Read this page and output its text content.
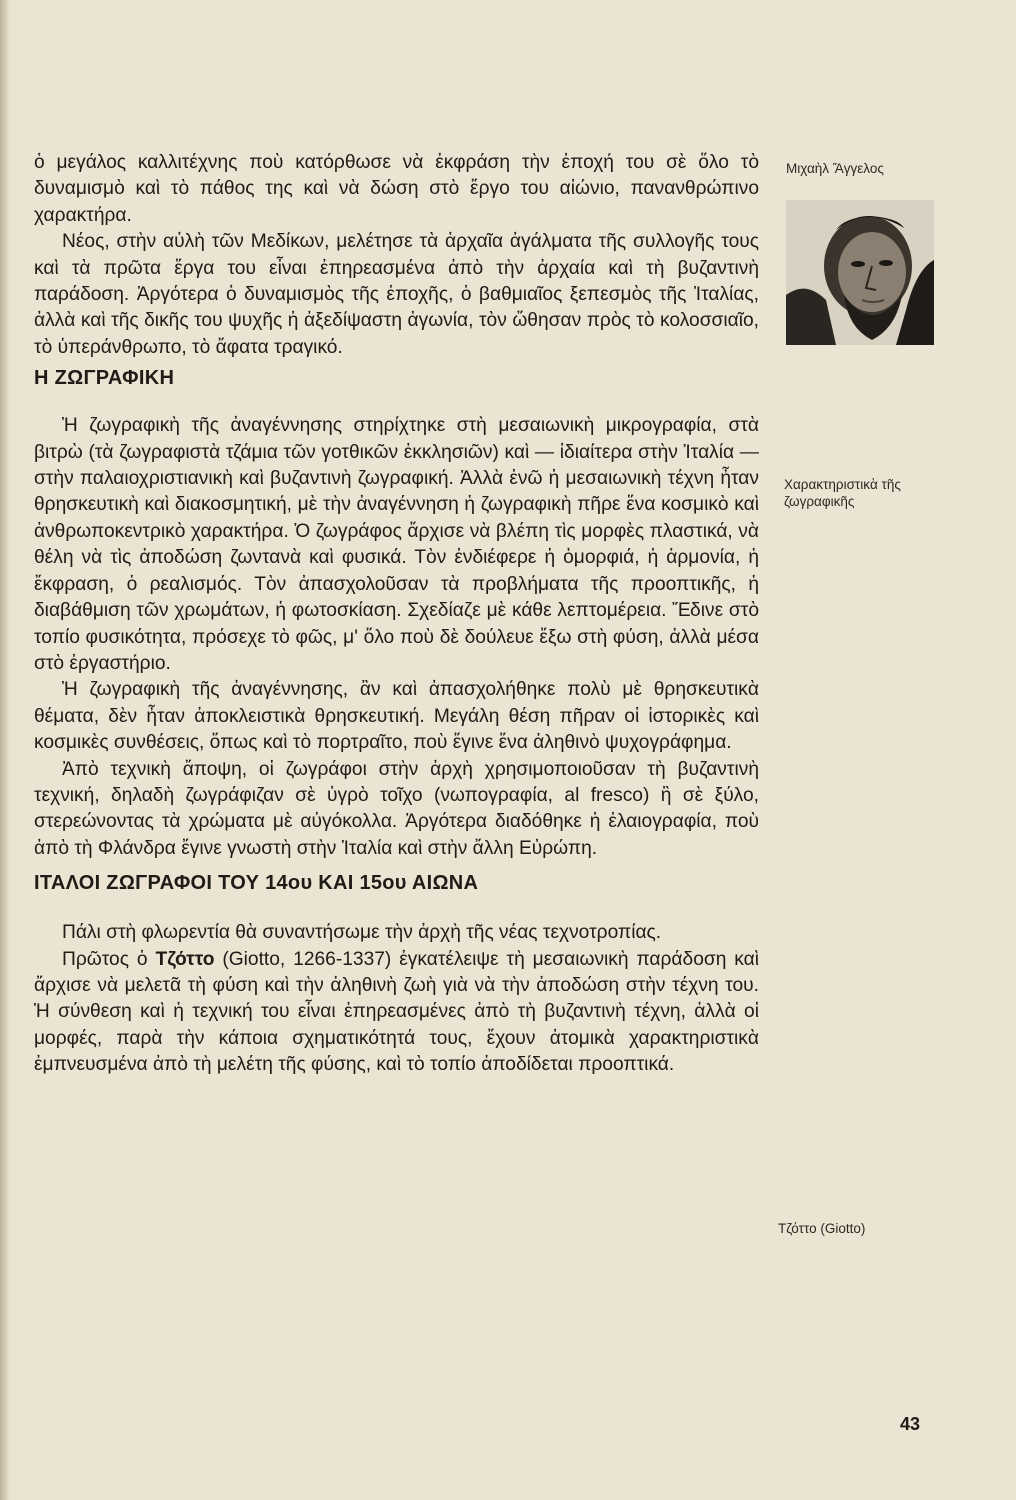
ὁ μεγάλος καλλιτέχνης ποὺ κατόρθωσε νὰ ἐκφράση τὴν ἐποχή του σὲ ὅλο τὸ δυναμισμὸ καὶ τὸ πάθος της καὶ νὰ δώση στὸ ἔργο του αἰώνιο, πανανθρώπινο χαρακτήρα.

Νέος, στὴν αὐλὴ τῶν Μεδίκων, μελέτησε τὰ ἀρχαῖα ἀγάλματα τῆς συλλογῆς τους καὶ τὰ πρῶτα ἔργα του εἶναι ἐπηρεασμένα ἀπὸ τὴν ἀρχαία καὶ τὴ βυζαντινὴ παράδοση. Ἀργότερα ὁ δυναμισμὸς τῆς ἐποχῆς, ὁ βαθμιαῖος ξεπεσμὸς τῆς Ἰταλίας, ἀλλὰ καὶ τῆς δικῆς του ψυχῆς ἡ ἀξεδίψαστη ἀγωνία, τὸν ὤθησαν πρὸς τὸ κολοσσιαῖο, τὸ ὑπεράνθρωπο, τὸ ἄφατα τραγικό.

Η ΖΩΓΡΑΦΙΚΗ

Ἡ ζωγραφικὴ τῆς ἀναγέννησης στηρίχτηκε στὴ μεσαιωνικὴ μικρογραφία, στὰ βιτρὼ (τὰ ζωγραφιστὰ τζάμια τῶν γοτθικῶν ἐκκλησιῶν) καὶ — ἰδιαίτερα στὴν Ἰταλία — στὴν παλαιοχριστιανικὴ καὶ βυζαντινὴ ζωγραφική. Ἀλλὰ ἐνῶ ἡ μεσαιωνικὴ τέχνη ἦταν θρησκευτικὴ καὶ διακοσμητική, μὲ τὴν ἀναγέννηση ἡ ζωγραφικὴ πῆρε ἕνα κοσμικὸ καὶ ἀνθρωποκεντρικὸ χαρακτήρα. Ὁ ζωγράφος ἄρχισε νὰ βλέπη τὶς μορφὲς πλαστικά, νὰ θέλη νὰ τὶς ἀποδώση ζωντανὰ καὶ φυσικά. Τὸν ἐνδιέφερε ἡ ὀμορφιά, ἡ ἁρμονία, ἡ ἔκφραση, ὁ ρεαλισμός. Τὸν ἀπασχολοῦσαν τὰ προβλήματα τῆς προοπτικῆς, ἡ διαβάθμιση τῶν χρωμάτων, ἡ φωτοσκίαση. Σχεδίαζε μὲ κάθε λεπτομέρεια. Ἔδινε στὸ τοπίο φυσικότητα, πρόσεχε τὸ φῶς, μ' ὅλο ποὺ δὲ δούλευε ἔξω στὴ φύση, ἀλλὰ μέσα στὸ ἐργαστήριο.

Ἡ ζωγραφικὴ τῆς ἀναγέννησης, ἂν καὶ ἀπασχολήθηκε πολὺ μὲ θρησκευτικὰ θέματα, δὲν ἦταν ἀποκλειστικὰ θρησκευτική. Μεγάλη θέση πῆραν οἱ ἱστορικὲς καὶ κοσμικὲς συνθέσεις, ὅπως καὶ τὸ πορτραῖτο, ποὺ ἔγινε ἕνα ἀληθινὸ ψυχογράφημα.

Ἀπὸ τεχνικὴ ἄποψη, οἱ ζωγράφοι στὴν ἀρχὴ χρησιμοποιοῦσαν τὴ βυζαντινὴ τεχνική, δηλαδὴ ζωγράφιζαν σὲ ὑγρὸ τοῖχο (νωπογραφία, al fresco) ἢ σὲ ξύλο, στερεώνοντας τὰ χρώματα μὲ αὐγόκολλα. Ἀργότερα διαδόθηκε ἡ ἐλαιογραφία, ποὺ ἀπὸ τὴ Φλάνδρα ἔγινε γνωστὴ στὴν Ἰταλία καὶ στὴν ἄλλη Εὐρώπη.

ΙΤΑΛΟΙ ΖΩΓΡΑΦΟΙ ΤΟΥ 14ου ΚΑΙ 15ου ΑΙΩΝΑ

Πάλι στὴ φλωρεντία θὰ συναντήσωμε τὴν ἀρχὴ τῆς νέας τεχνοτροπίας.

Πρῶτος ὁ Τζόττο (Giotto, 1266-1337) ἐγκατέλειψε τὴ μεσαιωνικὴ παράδοση καὶ ἄρχισε νὰ μελετᾶ τὴ φύση καὶ τὴν ἀληθινὴ ζωὴ γιὰ νὰ τὴν ἀποδώση στὴν τέχνη του. Ἡ σύνθεση καὶ ἡ τεχνική του εἶναι ἐπηρεασμένες ἀπὸ τὴ βυζαντινὴ τέχνη, ἀλλὰ οἱ μορφές, παρὰ τὴν κάποια σχηματικότητά τους, ἔχουν ἀτομικὰ χαρακτηριστικὰ ἐμπνευσμένα ἀπὸ τὴ μελέτη τῆς φύσης, καὶ τὸ τοπίο ἀποδίδεται προοπτικά.

Μιχαὴλ Ἄγγελος
Χαρακτηριστικὰ τῆς ζωγραφικῆς
Τζόττο (Giotto)
43
